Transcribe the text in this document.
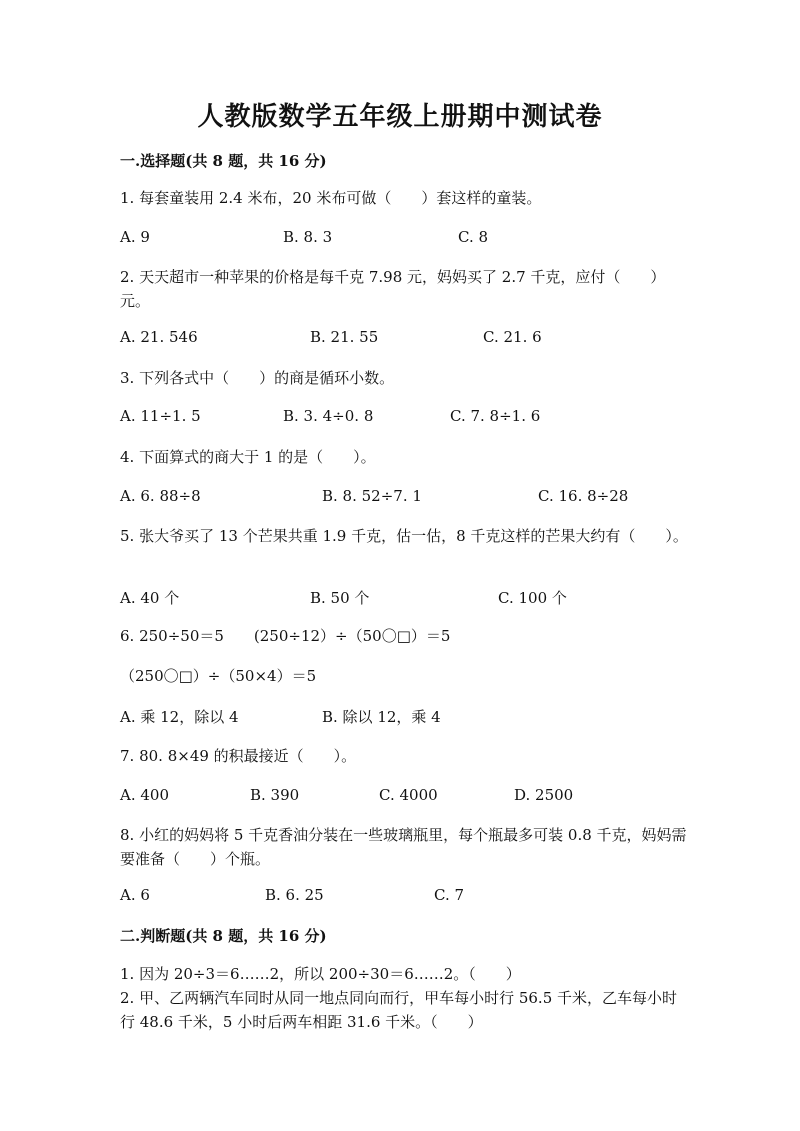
人教版数学五年级上册期中测试卷
一.选择题(共 8 题，共 16 分)
1. 每套童装用 2.4 米布，20 米布可做（　　）套这样的童装。
A. 9	B. 8. 3	C. 8
2. 天天超市一种苹果的价格是每千克 7.98 元，妈妈买了 2.7 千克，应付（　　）元。
A. 21. 546	B. 21. 55	C. 21. 6
3. 下列各式中（　　）的商是循环小数。
A. 11÷1. 5	B. 3. 4÷0. 8	C. 7. 8÷1. 6
4. 下面算式的商大于 1 的是（　　）。
A. 6. 88÷8	B. 8. 52÷7. 1	C. 16. 8÷28
5. 张大爷买了 13 个芒果共重 1.9 千克，估一估，8 千克这样的芒果大约有（　　）。
A. 40 个	B. 50 个	C. 100 个
6. 250÷50＝5　　(250÷12）÷（50〇□）＝5
（250〇□）÷（50×4）＝5
A. 乘 12，除以 4	B. 除以 12，乘 4
7. 80. 8×49 的积最接近（　　）。
A. 400	B. 390	C. 4000	D. 2500
8. 小红的妈妈将 5 千克香油分装在一些玻璃瓶里，每个瓶最多可装 0.8 千克，妈妈需要准备（　　）个瓶。
A. 6	B. 6. 25	C. 7
二.判断题(共 8 题，共 16 分)
1. 因为 20÷3＝6……2，所以 200÷30＝6……2。（　　）
2. 甲、乙两辆汽车同时从同一地点同向而行，甲车每小时行 56.5 千米，乙车每小时行 48.6 千米，5 小时后两车相距 31.6 千米。（　　）
